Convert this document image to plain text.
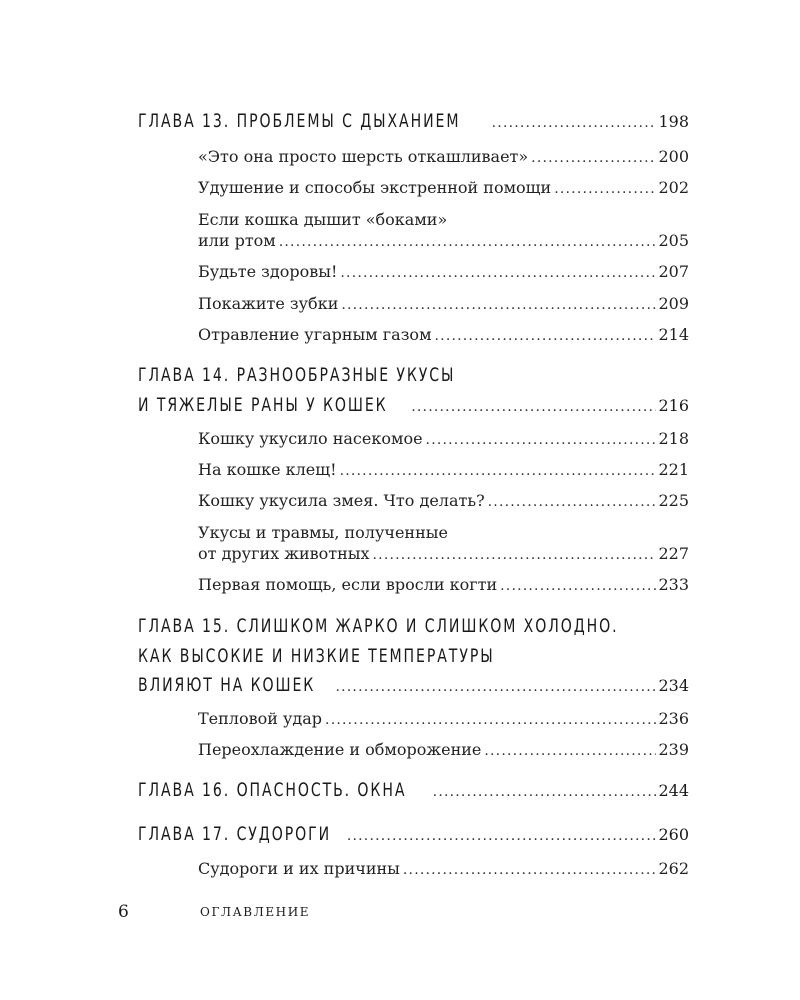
ГЛАВА 13. ПРОБЛЕМЫ С ДЫХАНИЕМ .....	198
«Это она просто шерсть откашливает» .....	200
Удушение и способы экстренной помощи .....	202
Если кошка дышит «боками»
или ртом .....	205
Будьте здоровы! .....	207
Покажите зубки .....	209
Отравление угарным газом .....	214
ГЛАВА 14. РАЗНООБРАЗНЫЕ УКУСЫ
И ТЯЖЕЛЫЕ РАНЫ У КОШЕК .....	216
Кошку укусило насекомое .....	218
На кошке клещ! .....	221
Кошку укусила змея. Что делать? .....	225
Укусы и травмы, полученные
от других животных .....	227
Первая помощь, если вросли когти .....	233
ГЛАВА 15. СЛИШКОМ ЖАРКО И СЛИШКОМ ХОЛОДНО.
КАК ВЫСОКИЕ И НИЗКИЕ ТЕМПЕРАТУРЫ
ВЛИЯЮТ НА КОШЕК .....	234
Тепловой удар .....	236
Переохлаждение и обморожение .....	239
ГЛАВА 16. ОПАСНОСТЬ. ОКНА .....	244
ГЛАВА 17. СУДОРОГИ .....	260
Судороги и их причины .....	262
6	ОГЛАВЛЕНИЕ
